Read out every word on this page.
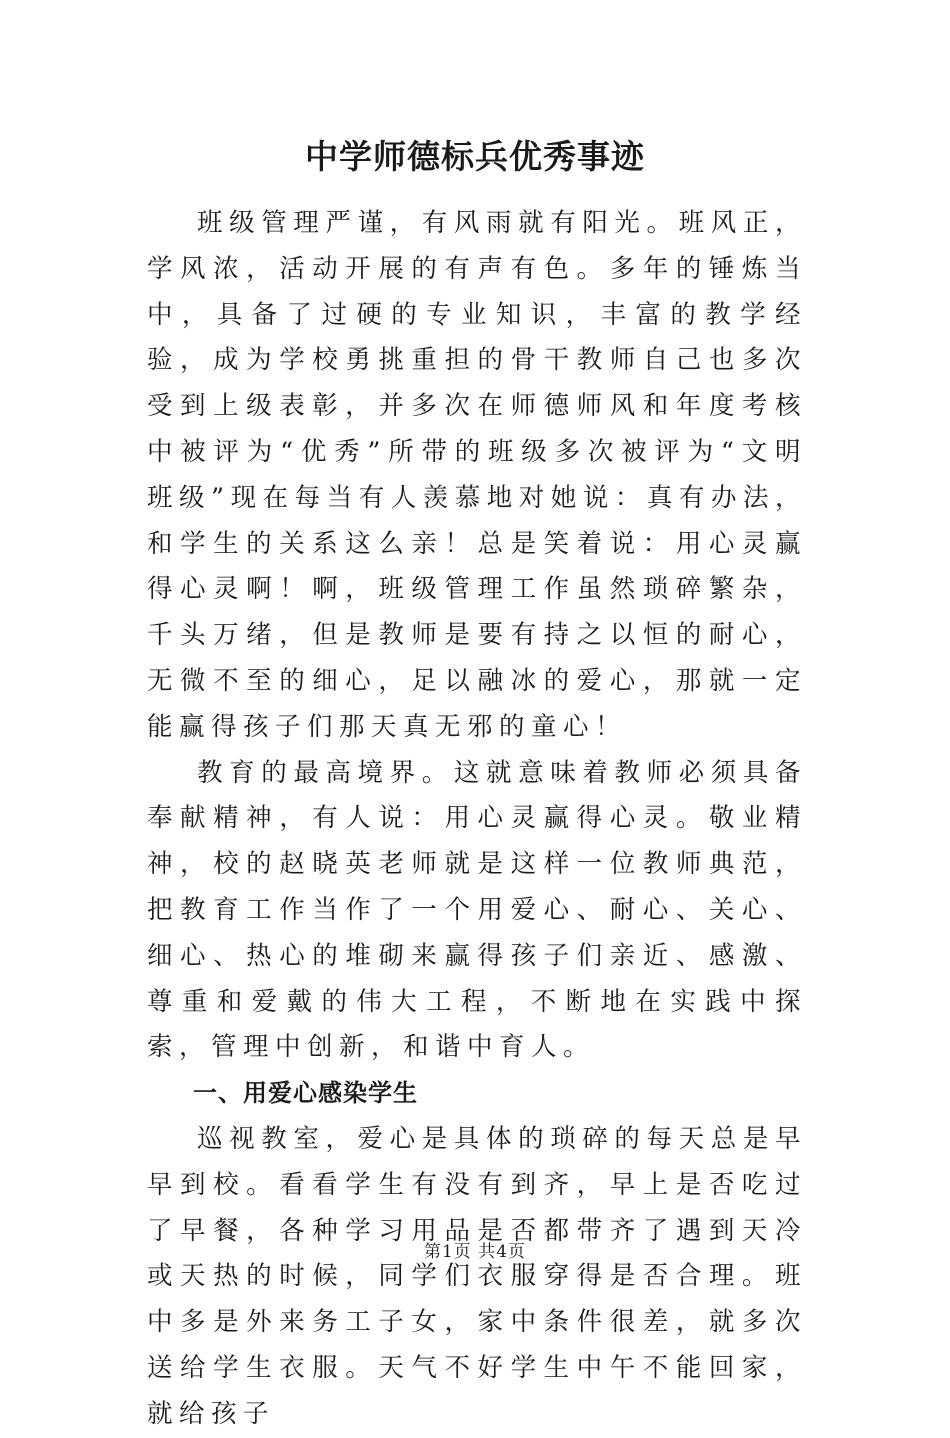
中学师德标兵优秀事迹

班级管理严谨，有风雨就有阳光。班风正，学风浓，活动开展的有声有色。多年的锤炼当中，具备了过硬的专业知识，丰富的教学经验，成为学校勇挑重担的骨干教师自己也多次受到上级表彰，并多次在师德师风和年度考核中被评为“优秀”所带的班级多次被评为“文明班级”现在每当有人羡慕地对她说：真有办法，和学生的关系这么亲！总是笑着说：用心灵赢得心灵啊！啊，班级管理工作虽然琐碎繁杂，千头万绪，但是教师是要有持之以恒的耐心，无微不至的细心，足以融冰的爱心，那就一定能赢得孩子们那天真无邪的童心！

教育的最高境界。这就意味着教师必须具备奉献精神，有人说：用心灵赢得心灵。敬业精神，校的赵晓英老师就是这样一位教师典范，把教育工作当作了一个用爱心、耐心、关心、细心、热心的堆砌来赢得孩子们亲近、感激、尊重和爱戴的伟大工程，不断地在实践中探索，管理中创新，和谐中育人。

一、用爱心感染学生

巡视教室，爱心是具体的琐碎的每天总是早早到校。看看学生有没有到齐，早上是否吃过了早餐，各种学习用品是否都带齐了遇到天冷或天热的时候，同学们衣服穿得是否合理。班中多是外来务工子女，家中条件很差，就多次送给学生衣服。天气不好学生中午不能回家，就给孩子

第1页 共4页
